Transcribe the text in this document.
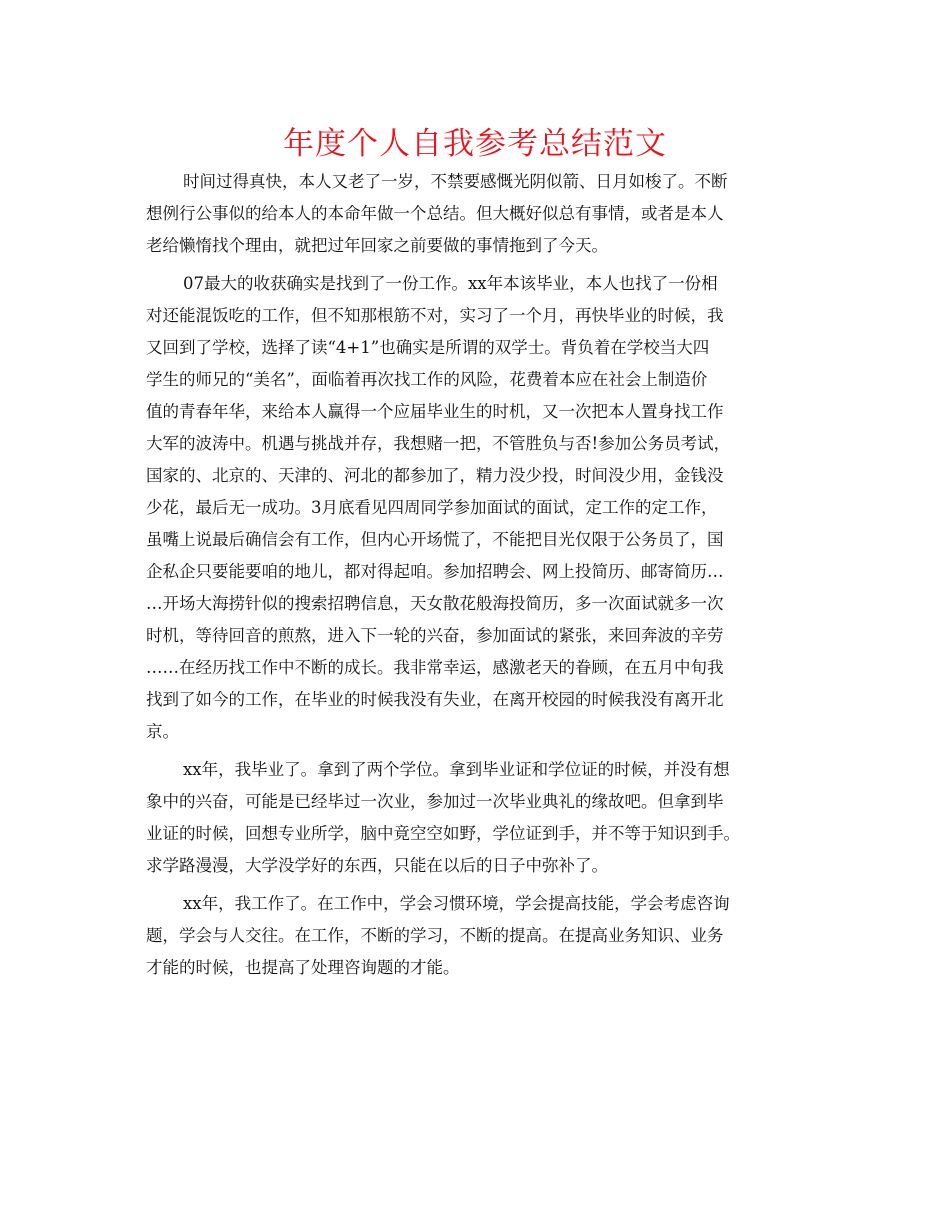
年度个人自我参考总结范文
时间过得真快，本人又老了一岁，不禁要感慨光阴似箭、日月如梭了。不断
想例行公事似的给本人的本命年做一个总结。但大概好似总有事情，或者是本人
老给懒惰找个理由，就把过年回家之前要做的事情拖到了今天。
07最大的收获确实是找到了一份工作。xx年本该毕业，本人也找了一份相
对还能混饭吃的工作，但不知那根筋不对，实习了一个月，再快毕业的时候，我
又回到了学校，选择了读“4+1”也确实是所谓的双学士。背负着在学校当大四
学生的师兄的“美名”，面临着再次找工作的风险，花费着本应在社会上制造价
值的青春年华，来给本人赢得一个应届毕业生的时机，又一次把本人置身找工作
大军的波涛中。机遇与挑战并存，我想赌一把，不管胜负与否!参加公务员考试，
国家的、北京的、天津的、河北的都参加了，精力没少投，时间没少用，金钱没
少花，最后无一成功。3月底看见四周同学参加面试的面试，定工作的定工作，
虽嘴上说最后确信会有工作，但内心开场慌了，不能把目光仅限于公务员了，国
企私企只要能要咱的地儿，都对得起咱。参加招聘会、网上投简历、邮寄简历…
…开场大海捞针似的搜索招聘信息，天女散花般海投简历，多一次面试就多一次
时机，等待回音的煎熬，进入下一轮的兴奋，参加面试的紧张，来回奔波的辛劳
……在经历找工作中不断的成长。我非常幸运，感激老天的眷顾，在五月中旬我
找到了如今的工作，在毕业的时候我没有失业，在离开校园的时候我没有离开北
京。
xx年，我毕业了。拿到了两个学位。拿到毕业证和学位证的时候，并没有想
象中的兴奋，可能是已经毕过一次业，参加过一次毕业典礼的缘故吧。但拿到毕
业证的时候，回想专业所学，脑中竟空空如野，学位证到手，并不等于知识到手。
求学路漫漫，大学没学好的东西，只能在以后的日子中弥补了。
xx年，我工作了。在工作中，学会习惯环境，学会提高技能，学会考虑咨询
题，学会与人交往。在工作，不断的学习，不断的提高。在提高业务知识、业务
才能的时候，也提高了处理咨询题的才能。
